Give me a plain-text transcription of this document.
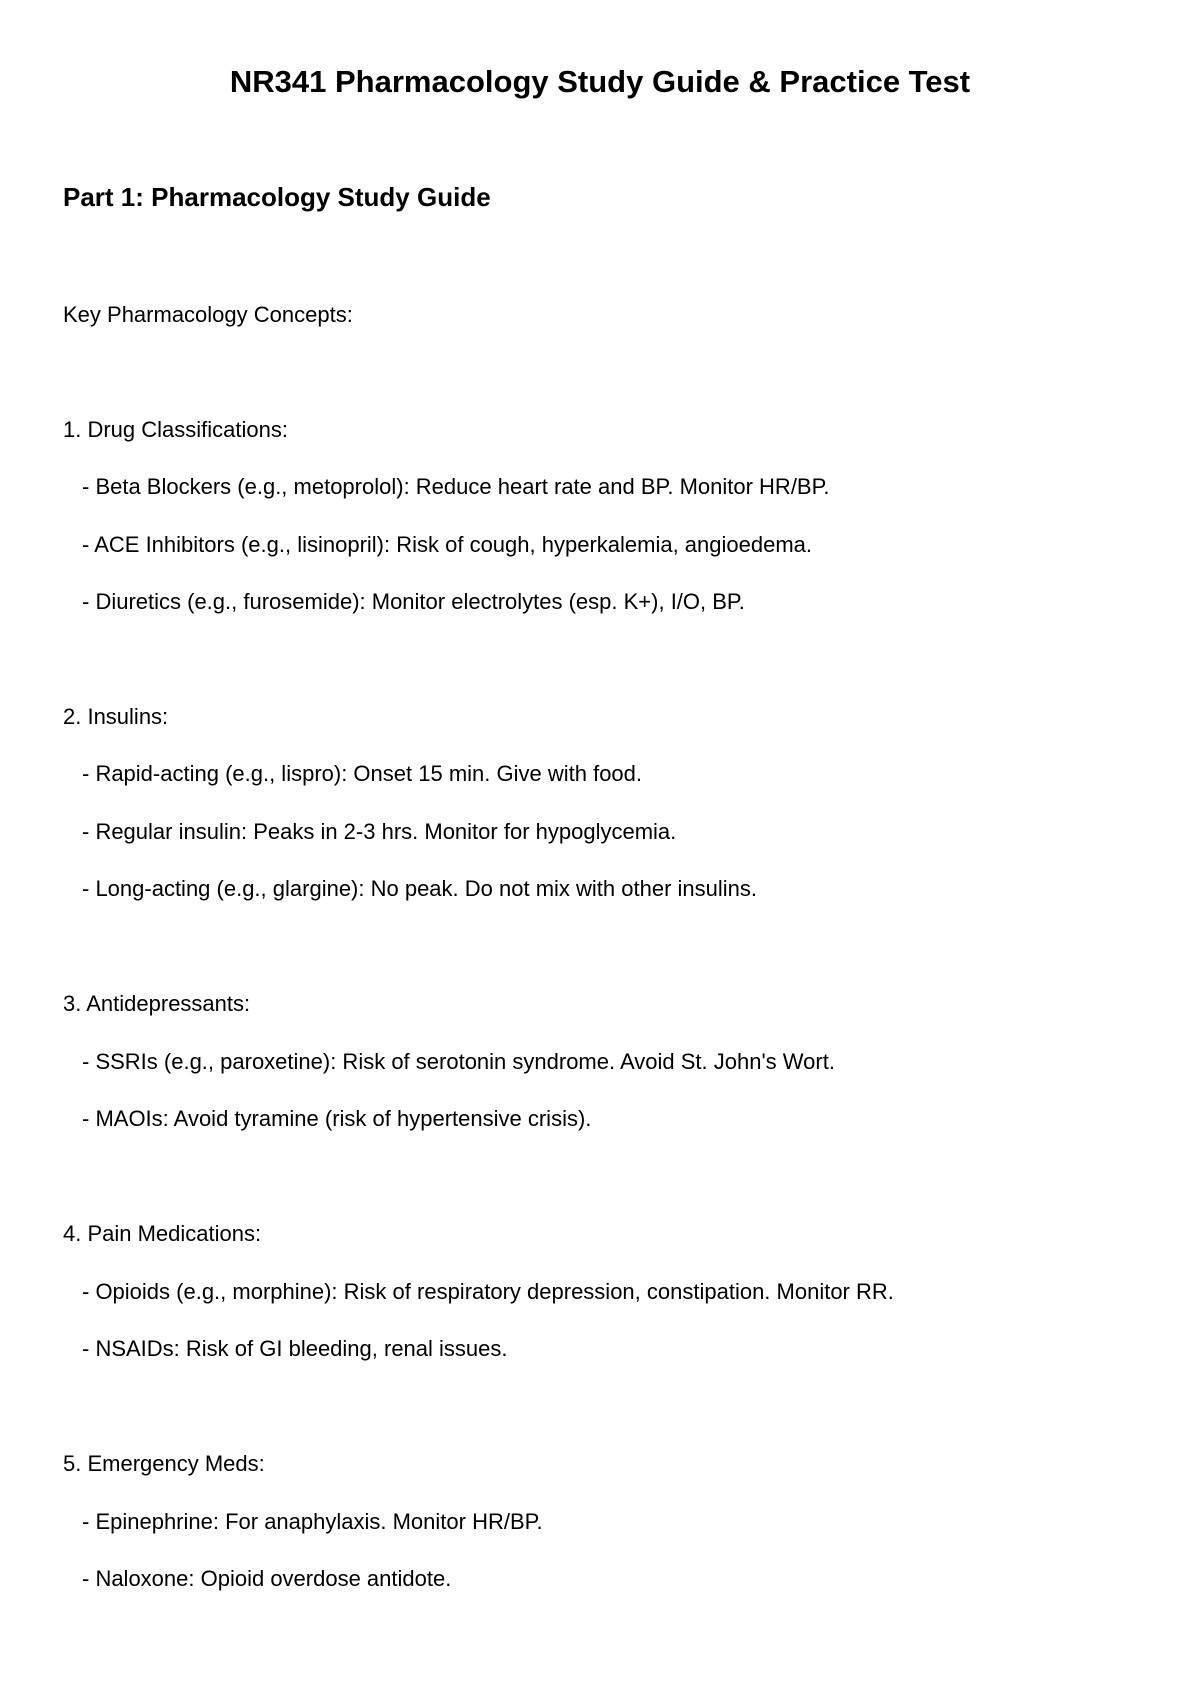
NR341 Pharmacology Study Guide & Practice Test
Part 1: Pharmacology Study Guide

Key Pharmacology Concepts:

1. Drug Classifications:

- Beta Blockers (e.g., metoprolol): Reduce heart rate and BP. Monitor HR/BP.

- ACE Inhibitors (e.g., lisinopril): Risk of cough, hyperkalemia, angioedema.

- Diuretics (e.g., furosemide): Monitor electrolytes (esp. K+), I/O, BP.

2. Insulins:

- Rapid-acting (e.g., lispro): Onset 15 min. Give with food.

- Regular insulin: Peaks in 2-3 hrs. Monitor for hypoglycemia.

- Long-acting (e.g., glargine): No peak. Do not mix with other insulins.

3. Antidepressants:

- SSRIs (e.g., paroxetine): Risk of serotonin syndrome. Avoid St. John's Wort.

- MAOIs: Avoid tyramine (risk of hypertensive crisis).

4. Pain Medications:

- Opioids (e.g., morphine): Risk of respiratory depression, constipation. Monitor RR.

- NSAIDs: Risk of GI bleeding, renal issues.

5. Emergency Meds:

- Epinephrine: For anaphylaxis. Monitor HR/BP.

- Naloxone: Opioid overdose antidote.
